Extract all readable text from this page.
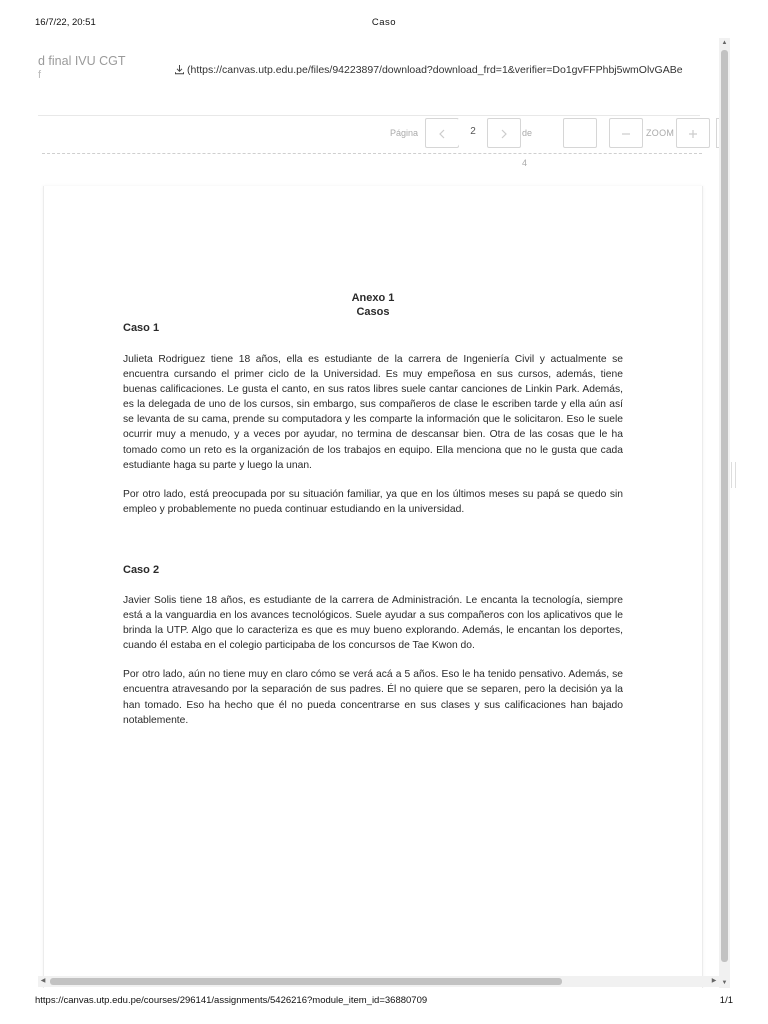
16/7/22, 20:51	Caso
d final IVU CGT
f	(https://canvas.utp.edu.pe/files/94223897/download?download_frd=1&verifier=Do1gvFFPhbj5wmOlvGABe
Página	2	de 4
ZOOM
Anexo 1
Casos
Caso 1

Julieta Rodriguez tiene 18 años, ella es estudiante de la carrera de Ingeniería Civil y actualmente se encuentra cursando el primer ciclo de la Universidad. Es muy empeñosa en sus cursos, además, tiene buenas calificaciones. Le gusta el canto, en sus ratos libres suele cantar canciones de Linkin Park. Además, es la delegada de uno de los cursos, sin embargo, sus compañeros de clase le escriben tarde y ella aún así se levanta de su cama, prende su computadora y les comparte la información que le solicitaron. Eso le suele ocurrir muy a menudo, y a veces por ayudar, no termina de descansar bien. Otra de las cosas que le ha tomado como un reto es la organización de los trabajos en equipo. Ella menciona que no le gusta que cada estudiante haga su parte y luego la unan.

Por otro lado, está preocupada por su situación familiar, ya que en los últimos meses su papá se quedo sin empleo y probablemente no pueda continuar estudiando en la universidad.

Caso 2

Javier Solis tiene 18 años, es estudiante de la carrera de Administración. Le encanta la tecnología, siempre está a la vanguardia en los avances tecnológicos. Suele ayudar a sus compañeros con los aplicativos que le brinda la UTP. Algo que lo caracteriza es que es muy bueno explorando. Además, le encantan los deportes, cuando él estaba en el colegio participaba de los concursos de Tae Kwon do.

Por otro lado, aún no tiene muy en claro cómo se verá acá a 5 años. Eso le ha tenido pensativo. Además, se encuentra atravesando por la separación de sus padres. Él no quiere que se separen, pero la decisión ya la han tomado. Eso ha hecho que él no pueda concentrarse en sus clases y sus calificaciones han bajado notablemente.

▲
▼
◀	▶
https://canvas.utp.edu.pe/courses/296141/assignments/5426216?module_item_id=36880709	1/1
